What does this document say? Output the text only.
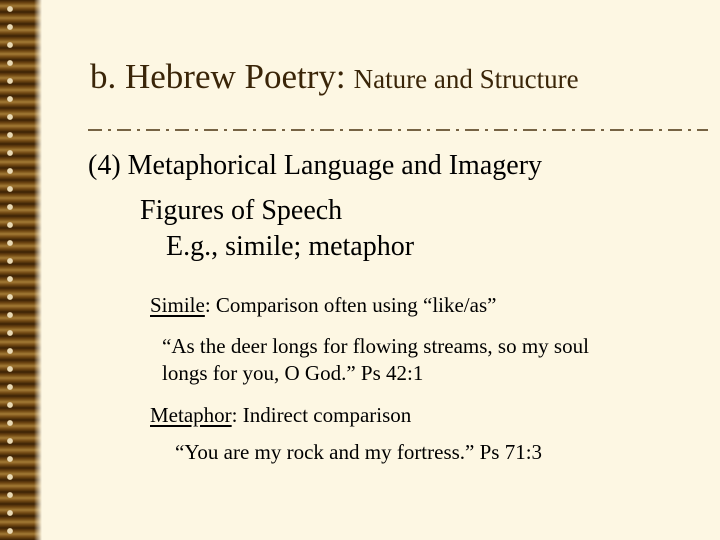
b. Hebrew Poetry: Nature and Structure

(4) Metaphorical Language and Imagery

Figures of Speech

E.g., simile; metaphor

Simile: Comparison often using “like/as”

“As the deer longs for flowing streams, so my soul longs for you, O God.” Ps 42:1

Metaphor: Indirect comparison

“You are my rock and my fortress.” Ps 71:3
